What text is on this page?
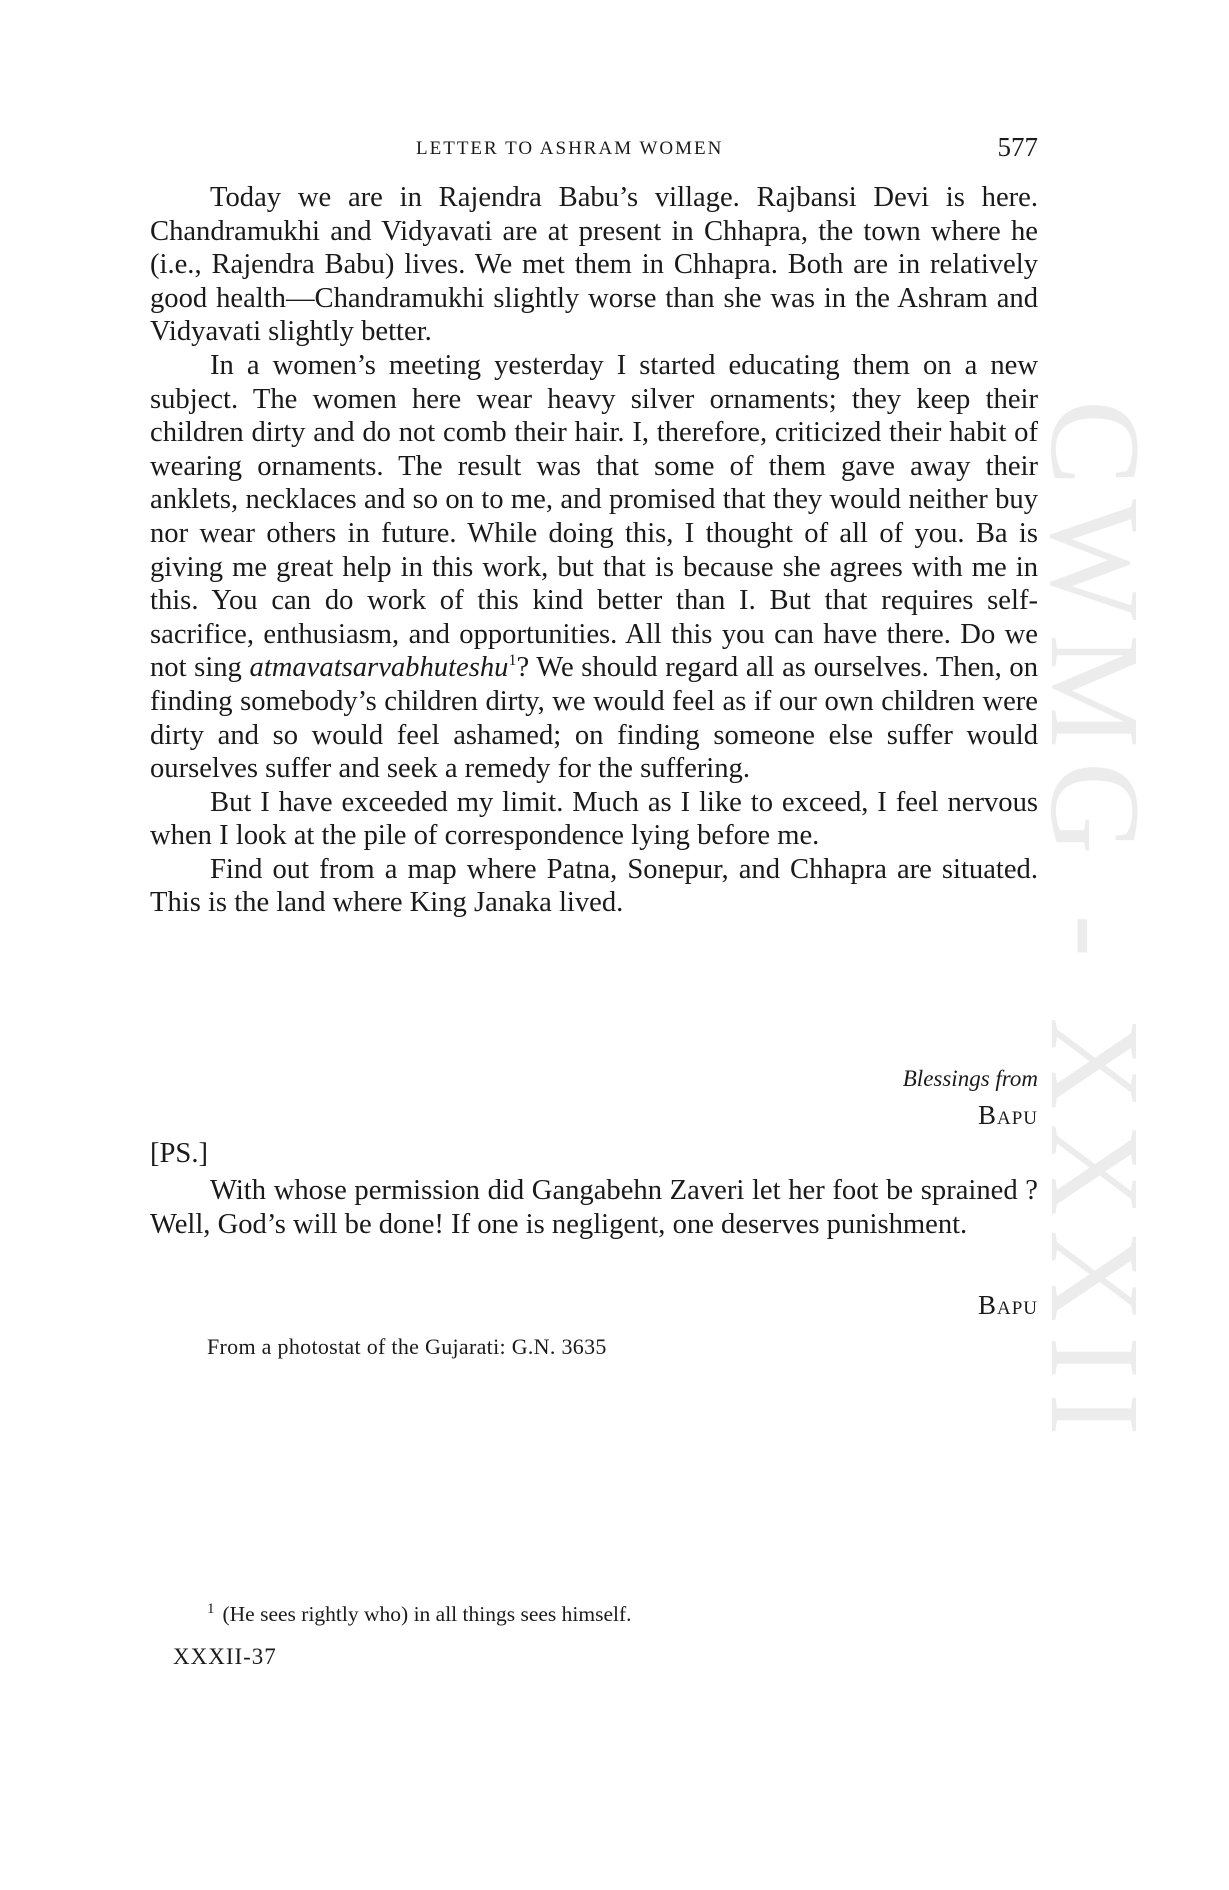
CWMG - XXXII
LETTER TO ASHRAM WOMEN	577

Today we are in Rajendra Babu’s village. Rajbansi Devi is here. Chandramukhi and Vidyavati are at present in Chhapra, the town where he (i.e., Rajendra Babu) lives. We met them in Chhapra. Both are in relatively good health—Chandramukhi slightly worse than she was in the Ashram and Vidyavati slightly better.

In a women’s meeting yesterday I started educating them on a new subject. The women here wear heavy silver ornaments; they keep their children dirty and do not comb their hair. I, therefore, criticized their habit of wearing ornaments. The result was that some of them gave away their anklets, necklaces and so on to me, and promised that they would neither buy nor wear others in future. While doing this, I thought of all of you. Ba is giving me great help in this work, but that is because she agrees with me in this. You can do work of this kind better than I. But that requires self-sacrifice, enthusiasm, and opportunities. All this you can have there. Do we not sing atmavatsarvabhuteshu$^1$? We should regard all as ourselves. Then, on finding somebody’s children dirty, we would feel as if our own children were dirty and so would feel ashamed; on finding someone else suffer would ourselves suffer and seek a remedy for the suffering.

But I have exceeded my limit. Much as I like to exceed, I feel nervous when I look at the pile of correspondence lying before me.

Find out from a map where Patna, Sonepur, and Chhapra are situated. This is the land where King Janaka lived.

Blessings from
Bapu
[PS.]

With whose permission did Gangabehn Zaveri let her foot be sprained ? Well, God’s will be done! If one is negligent, one deserves punishment.

Bapu
From a photostat of the Gujarati: G.N. 3635
$^1$ (He sees rightly who) in all things sees himself.
XXXII-37
